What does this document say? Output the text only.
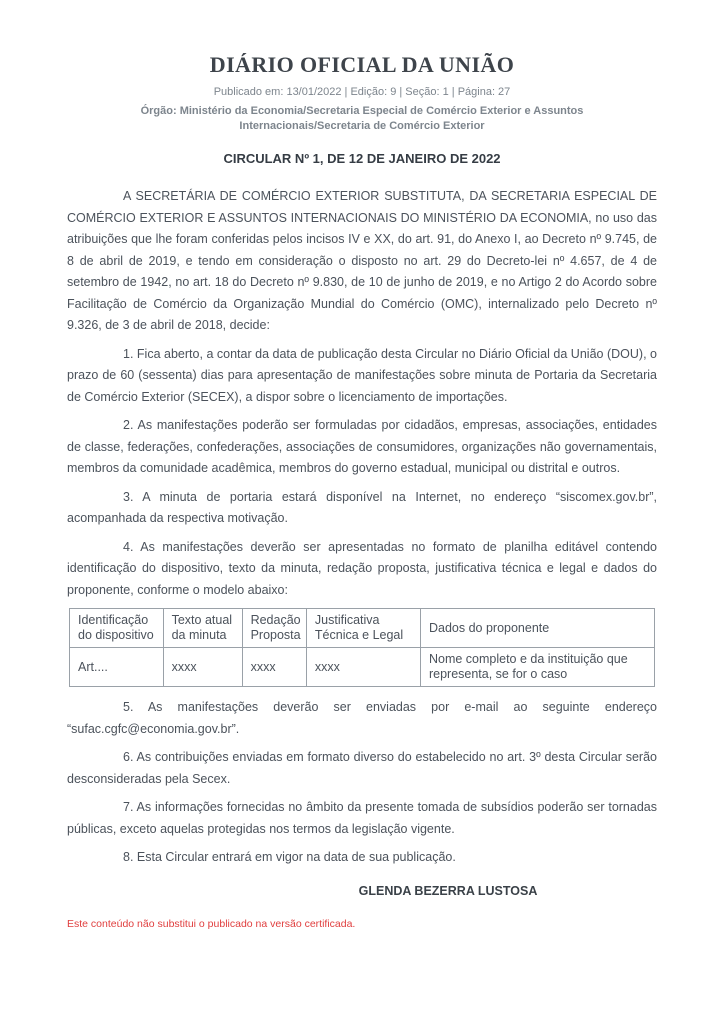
DIÁRIO OFICIAL DA UNIÃO

Publicado em: 13/01/2022 | Edição: 9 | Seção: 1 | Página: 27

Órgão: Ministério da Economia/Secretaria Especial de Comércio Exterior e Assuntos Internacionais/Secretaria de Comércio Exterior

CIRCULAR Nº 1, DE 12 DE JANEIRO DE 2022

A SECRETÁRIA DE COMÉRCIO EXTERIOR SUBSTITUTA, DA SECRETARIA ESPECIAL DE COMÉRCIO EXTERIOR E ASSUNTOS INTERNACIONAIS DO MINISTÉRIO DA ECONOMIA, no uso das atribuições que lhe foram conferidas pelos incisos IV e XX, do art. 91, do Anexo I, ao Decreto nº 9.745, de 8 de abril de 2019, e tendo em consideração o disposto no art. 29 do Decreto-lei nº 4.657, de 4 de setembro de 1942, no art. 18 do Decreto nº 9.830, de 10 de junho de 2019, e no Artigo 2 do Acordo sobre Facilitação de Comércio da Organização Mundial do Comércio (OMC), internalizado pelo Decreto nº 9.326, de 3 de abril de 2018, decide:

1. Fica aberto, a contar da data de publicação desta Circular no Diário Oficial da União (DOU), o prazo de 60 (sessenta) dias para apresentação de manifestações sobre minuta de Portaria da Secretaria de Comércio Exterior (SECEX), a dispor sobre o licenciamento de importações.

2. As manifestações poderão ser formuladas por cidadãos, empresas, associações, entidades de classe, federações, confederações, associações de consumidores, organizações não governamentais, membros da comunidade acadêmica, membros do governo estadual, municipal ou distrital e outros.

3. A minuta de portaria estará disponível na Internet, no endereço “siscomex.gov.br”, acompanhada da respectiva motivação.

4. As manifestações deverão ser apresentadas no formato de planilha editável contendo identificação do dispositivo, texto da minuta, redação proposta, justificativa técnica e legal e dados do proponente, conforme o modelo abaixo:

Identificação do dispositivo	Texto atual da minuta	Redação Proposta	Justificativa Técnica e Legal	Dados do proponente
Art....	xxxx	xxxx	xxxx	Nome completo e da instituição que representa, se for o caso

5. As manifestações deverão ser enviadas por e-mail ao seguinte endereço “sufac.cgfc@economia.gov.br”.

6. As contribuições enviadas em formato diverso do estabelecido no art. 3º desta Circular serão desconsideradas pela Secex.

7. As informações fornecidas no âmbito da presente tomada de subsídios poderão ser tornadas públicas, exceto aquelas protegidas nos termos da legislação vigente.

8. Esta Circular entrará em vigor na data de sua publicação.

GLENDA BEZERRA LUSTOSA

Este conteúdo não substitui o publicado na versão certificada.
